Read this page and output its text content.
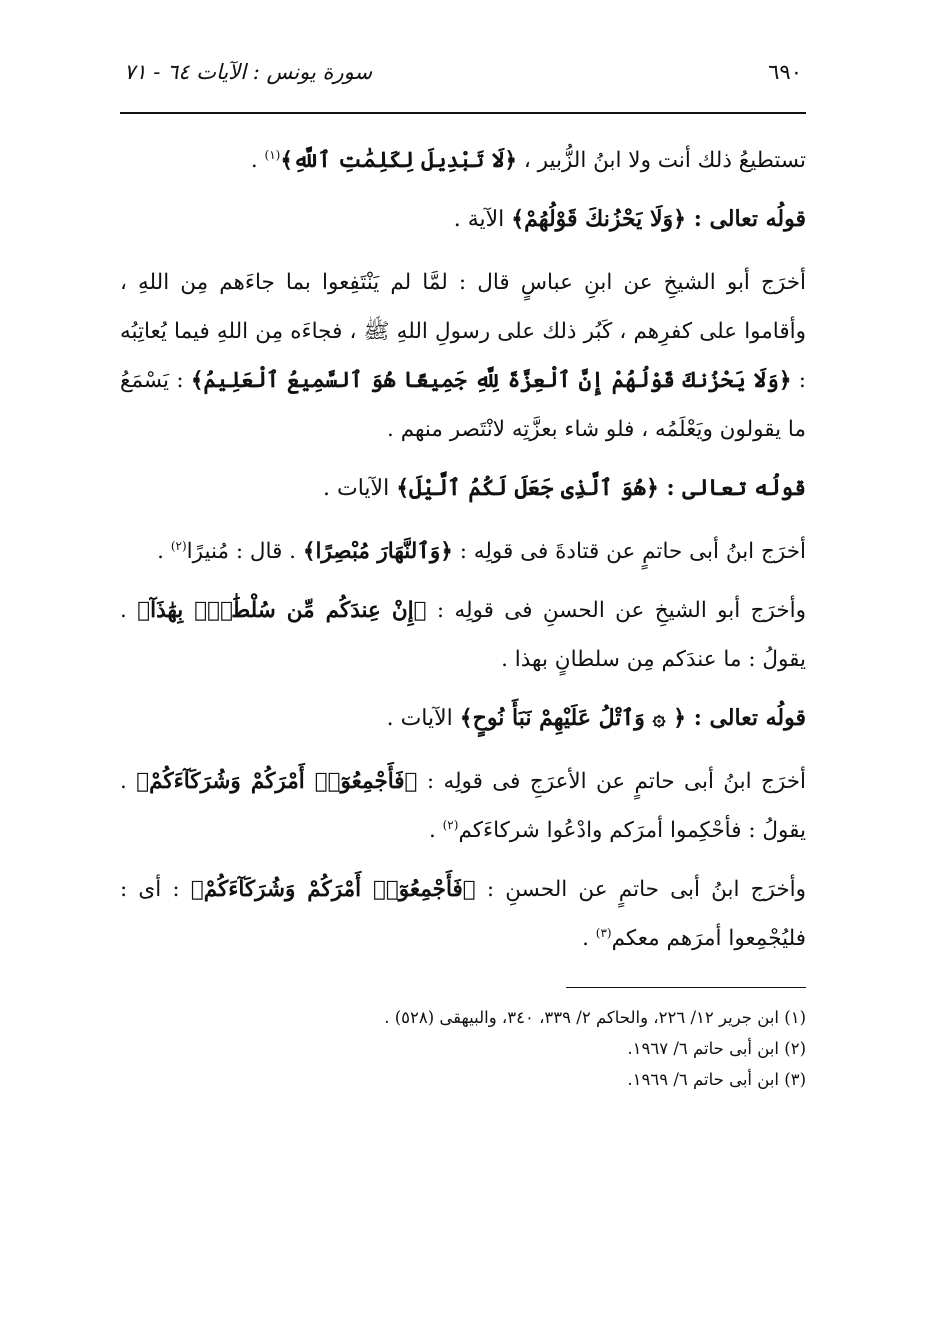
٦٩٠
سورة يونس : الآيات ٦٤ - ٧١

تستطيعُ ذلك أنت ولا ابنُ الزُّبير ، ﴿لَا تَبْدِيلَ لِكَلِمَٰتِ ٱللَّهِ﴾$^{(١)}$ .

قولُه تعالى : ﴿وَلَا يَحْزُنكَ قَوْلُهُمْ﴾ الآية .

أخرَج أبو الشيخِ عن ابنِ عباسٍ قال : لمَّا لم يَنْتَفِعوا بما جاءَهم مِن اللهِ ، وأقاموا على كفرِهم ، كَبُر ذلك على رسولِ اللهِ ﷺ ، فجاءَه مِن اللهِ فيما يُعاتِبُه : ﴿وَلَا يَحْزُنكَ قَوْلُهُمْ إِنَّ ٱلْعِزَّةَ لِلَّهِ جَمِيعًا هُوَ ٱلسَّمِيعُ ٱلْعَلِيمُ﴾ : يَسْمَعُ ما يقولون ويَعْلَمُه ، فلو شاء بعزَّتِه لانْتَصر منهم .

قولُه تعالى : ﴿هُوَ ٱلَّذِى جَعَلَ لَكُمُ ٱلَّيْلَ﴾ الآيات .

أخرَج ابنُ أبى حاتمٍ عن قتادةَ فى قولِه : ﴿وَٱلنَّهَارَ مُبْصِرًا﴾ . قال : مُنيرًا$^{(٢)}$ .

وأخرَج أبو الشيخِ عن الحسنِ فى قولِه : ﴿إِنْ عِندَكُم مِّن سُلْطَٰنٍۭ بِهَٰذَآ﴾ . يقولُ : ما عندَكم مِن سلطانٍ بهذا .

قولُه تعالى : ﴿ ۞ وَٱتْلُ عَلَيْهِمْ نَبَأَ نُوحٍ﴾ الآيات .

أخرَج ابنُ أبى حاتمٍ عن الأعرَجِ فى قولِه : ﴿فَأَجْمِعُوٓا۟ أَمْرَكُمْ وَشُرَكَآءَكُمْ﴾ . يقولُ : فأحْكِموا أمرَكم وادْعُوا شركاءَكم$^{(٢)}$ .

وأخرَج ابنُ أبى حاتمٍ عن الحسنِ : ﴿فَأَجْمِعُوٓا۟ أَمْرَكُمْ وَشُرَكَآءَكُمْ﴾ : أى : فليُجْمِعوا أمرَهم معكم$^{(٣)}$ .

(١) ابن جرير ١٢/ ٢٢٦، والحاكم ٢/ ٣٣٩، ٣٤٠، والبيهقى (٥٢٨) .
(٢) ابن أبى حاتم ٦/ ١٩٦٧.
(٣) ابن أبى حاتم ٦/ ١٩٦٩.
